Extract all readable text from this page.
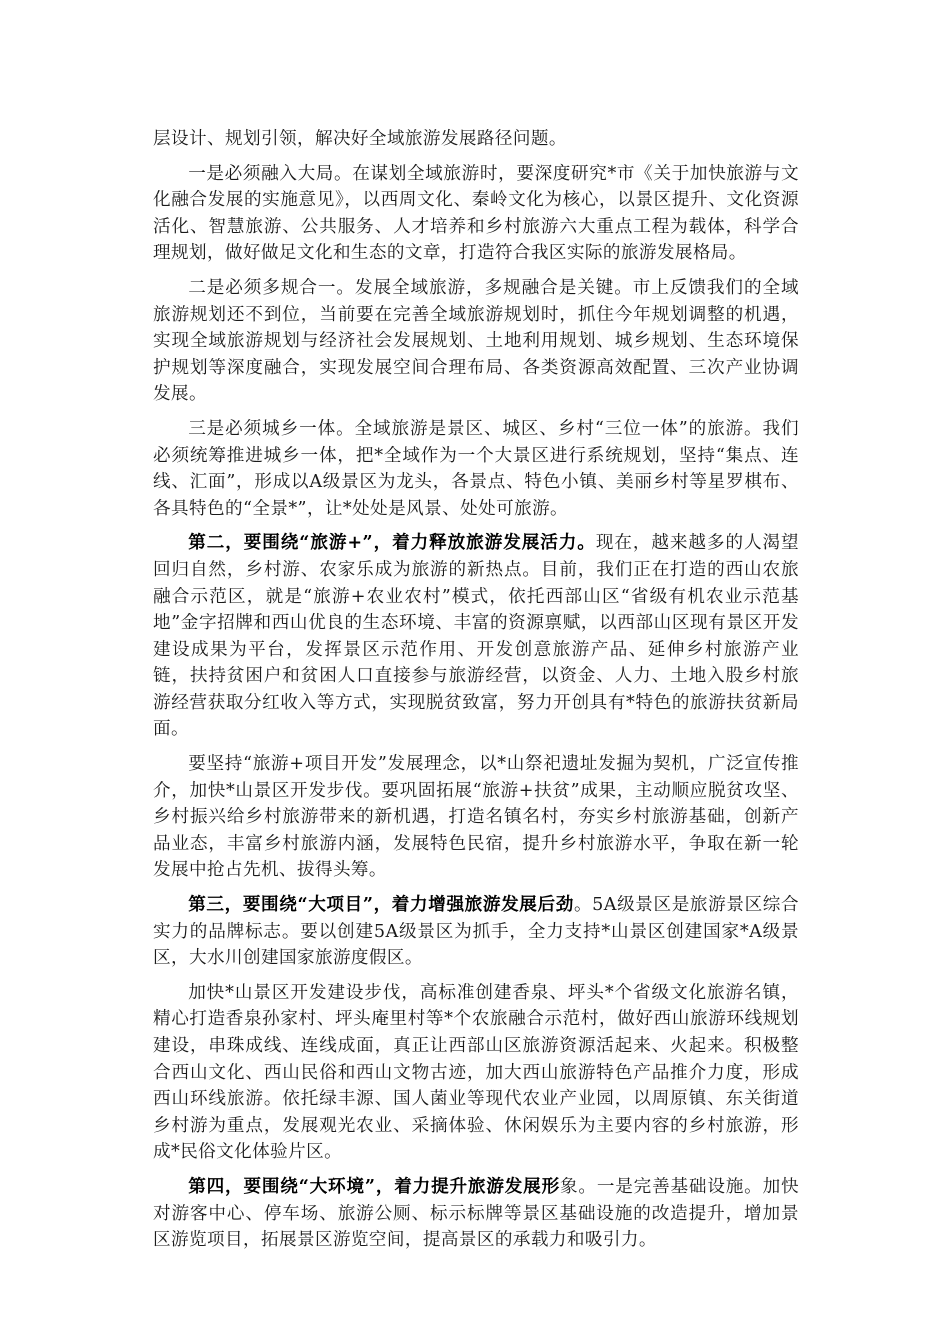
层设计、规划引领，解决好全域旅游发展路径问题。

一是必须融入大局。在谋划全域旅游时，要深度研究*市《关于加快旅游与文化融合发展的实施意见》，以西周文化、秦岭文化为核心，以景区提升、文化资源活化、智慧旅游、公共服务、人才培养和乡村旅游六大重点工程为载体，科学合理规划，做好做足文化和生态的文章，打造符合我区实际的旅游发展格局。

二是必须多规合一。发展全域旅游，多规融合是关键。市上反馈我们的全域旅游规划还不到位，当前要在完善全域旅游规划时，抓住今年规划调整的机遇，实现全域旅游规划与经济社会发展规划、土地利用规划、城乡规划、生态环境保护规划等深度融合，实现发展空间合理布局、各类资源高效配置、三次产业协调发展。

三是必须城乡一体。全域旅游是景区、城区、乡村“三位一体”的旅游。我们必须统筹推进城乡一体，把*全域作为一个大景区进行系统规划，坚持“集点、连线、汇面”，形成以A级景区为龙头，各景点、特色小镇、美丽乡村等星罗棋布、各具特色的“全景*”，让*处处是风景、处处可旅游。

第二，要围绕“旅游+”，着力释放旅游发展活力。现在，越来越多的人渴望回归自然，乡村游、农家乐成为旅游的新热点。目前，我们正在打造的西山农旅融合示范区，就是“旅游+农业农村”模式，依托西部山区“省级有机农业示范基地”金字招牌和西山优良的生态环境、丰富的资源禀赋，以西部山区现有景区开发建设成果为平台，发挥景区示范作用、开发创意旅游产品、延伸乡村旅游产业链，扶持贫困户和贫困人口直接参与旅游经营，以资金、人力、土地入股乡村旅游经营获取分红收入等方式，实现脱贫致富，努力开创具有*特色的旅游扶贫新局面。

要坚持“旅游+项目开发”发展理念，以*山祭祀遗址发掘为契机，广泛宣传推介，加快*山景区开发步伐。要巩固拓展“旅游+扶贫”成果，主动顺应脱贫攻坚、乡村振兴给乡村旅游带来的新机遇，打造名镇名村，夯实乡村旅游基础，创新产品业态，丰富乡村旅游内涵，发展特色民宿，提升乡村旅游水平，争取在新一轮发展中抢占先机、拔得头筹。

第三，要围绕“大项目”，着力增强旅游发展后劲。5A级景区是旅游景区综合实力的品牌标志。要以创建5A级景区为抓手，全力支持*山景区创建国家*A级景区，大水川创建国家旅游度假区。

加快*山景区开发建设步伐，高标准创建香泉、坪头*个省级文化旅游名镇，精心打造香泉孙家村、坪头庵里村等*个农旅融合示范村，做好西山旅游环线规划建设，串珠成线、连线成面，真正让西部山区旅游资源活起来、火起来。积极整合西山文化、西山民俗和西山文物古迹，加大西山旅游特色产品推介力度，形成西山环线旅游。依托绿丰源、国人菌业等现代农业产业园，以周原镇、东关街道乡村游为重点，发展观光农业、采摘体验、休闲娱乐为主要内容的乡村旅游，形成*民俗文化体验片区。

第四，要围绕“大环境”，着力提升旅游发展形象。一是完善基础设施。加快对游客中心、停车场、旅游公厕、标示标牌等景区基础设施的改造提升，增加景区游览项目，拓展景区游览空间，提高景区的承载力和吸引力。
